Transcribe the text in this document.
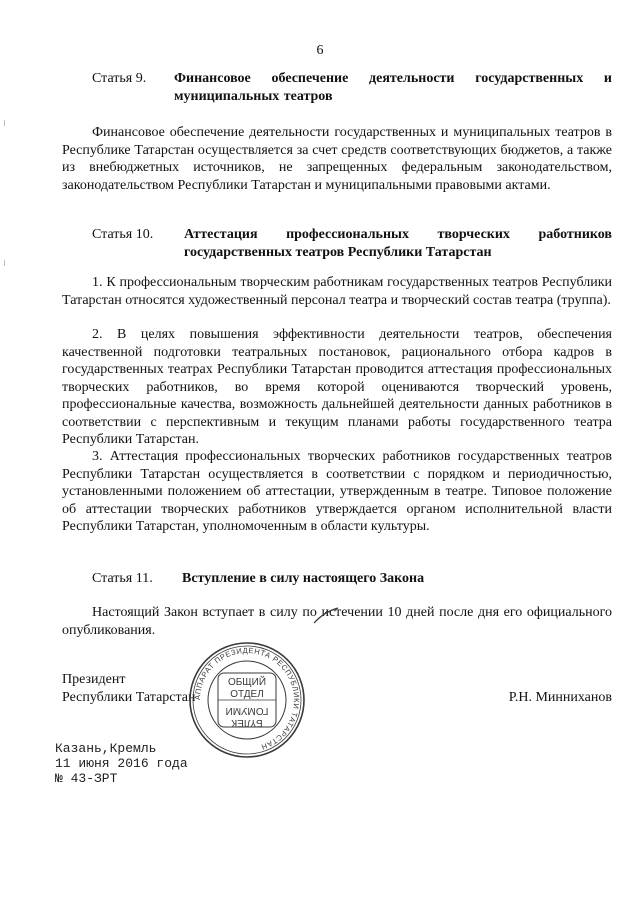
6
Статья 9. Финансовое обеспечение деятельности государственных и муниципальных театров
Финансовое обеспечение деятельности государственных и муниципальных театров в Республике Татарстан осуществляется за счет средств соответствующих бюджетов, а также из внебюджетных источников, не запрещенных федеральным законодательством, законодательством Республики Татарстан и муниципальными правовыми актами.
Статья 10. Аттестация профессиональных творческих работников государственных театров Республики Татарстан
1. К профессиональным творческим работникам государственных театров Республики Татарстан относятся художественный персонал театра и творческий состав театра (труппа).
2. В целях повышения эффективности деятельности театров, обеспечения качественной подготовки театральных постановок, рационального отбора кадров в государственных театрах Республики Татарстан проводится аттестация профессиональных творческих работников, во время которой оцениваются творческий уровень, профессиональные качества, возможность дальнейшей деятельности данных работников в соответствии с перспективным и текущим планами работы государственного театра Республики Татарстан.
3. Аттестация профессиональных творческих работников государственных театров Республики Татарстан осуществляется в соответствии с порядком и периодичностью, установленными положением об аттестации, утвержденным в театре. Типовое положение об аттестации творческих работников утверждается органом исполнительной власти Республики Татарстан, уполномоченным в области культуры.
Статья 11. Вступление в силу настоящего Закона
Настоящий Закон вступает в силу по истечении 10 дней после дня его официального опубликования.
Президент
Республики Татарстан	Р.Н. Минниханов
АППАРАТ ПРЕЗИДЕНТА РЕСПУБЛИКИ ТАТАРСТАН
ОБЩИЙ
ОТДЕЛ
БҮЛЕК
ГОМУМИ
Казань,Кремль
11 июня 2016 года
№ 43-ЗРТ
